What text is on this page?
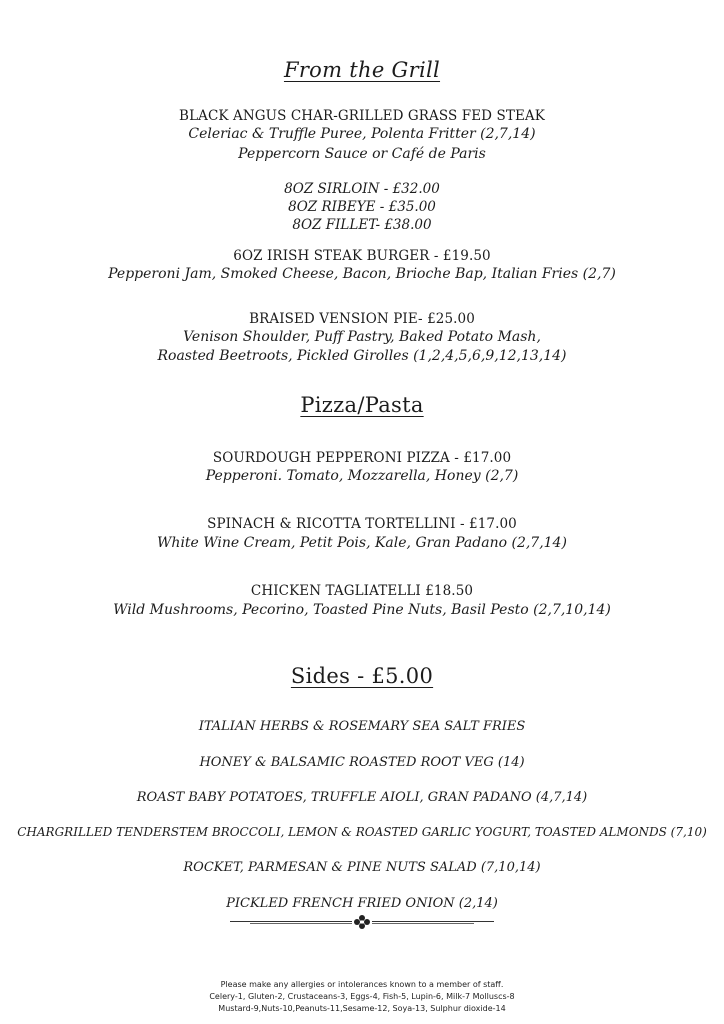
From the Grill
BLACK ANGUS CHAR-GRILLED GRASS FED STEAK
Celeriac & Truffle Puree, Polenta Fritter (2,7,14)
Peppercorn Sauce or Café de Paris
8OZ SIRLOIN - £32.00
8OZ RIBEYE - £35.00
8OZ FILLET- £38.00
6OZ IRISH STEAK BURGER - £19.50
Pepperoni Jam, Smoked Cheese, Bacon, Brioche Bap, Italian Fries (2,7)
BRAISED VENSION PIE- £25.00
Venison Shoulder, Puff Pastry, Baked Potato Mash,
Roasted Beetroots, Pickled Girolles (1,2,4,5,6,9,12,13,14)
Pizza/Pasta
SOURDOUGH PEPPERONI PIZZA - £17.00
Pepperoni. Tomato, Mozzarella, Honey (2,7)
SPINACH & RICOTTA TORTELLINI - £17.00
White Wine Cream, Petit Pois, Kale, Gran Padano (2,7,14)
CHICKEN TAGLIATELLI £18.50
Wild Mushrooms, Pecorino, Toasted Pine Nuts, Basil Pesto (2,7,10,14)
Sides - £5.00
ITALIAN HERBS & ROSEMARY SEA SALT FRIES
HONEY & BALSAMIC ROASTED ROOT VEG (14)
ROAST BABY POTATOES, TRUFFLE AIOLI, GRAN PADANO (4,7,14)
CHARGRILLED TENDERSTEM BROCCOLI, LEMON & ROASTED GARLIC YOGURT, TOASTED ALMONDS (7,10)
ROCKET, PARMESAN & PINE NUTS SALAD (7,10,14)
PICKLED FRENCH FRIED ONION (2,14)
Please make any allergies or intolerances known to a member of staff.
Celery-1, Gluten-2, Crustaceans-3, Eggs-4, Fish-5, Lupin-6, Milk-7 Molluscs-8
Mustard-9,Nuts-10,Peanuts-11,Sesame-12, Soya-13, Sulphur dioxide-14
